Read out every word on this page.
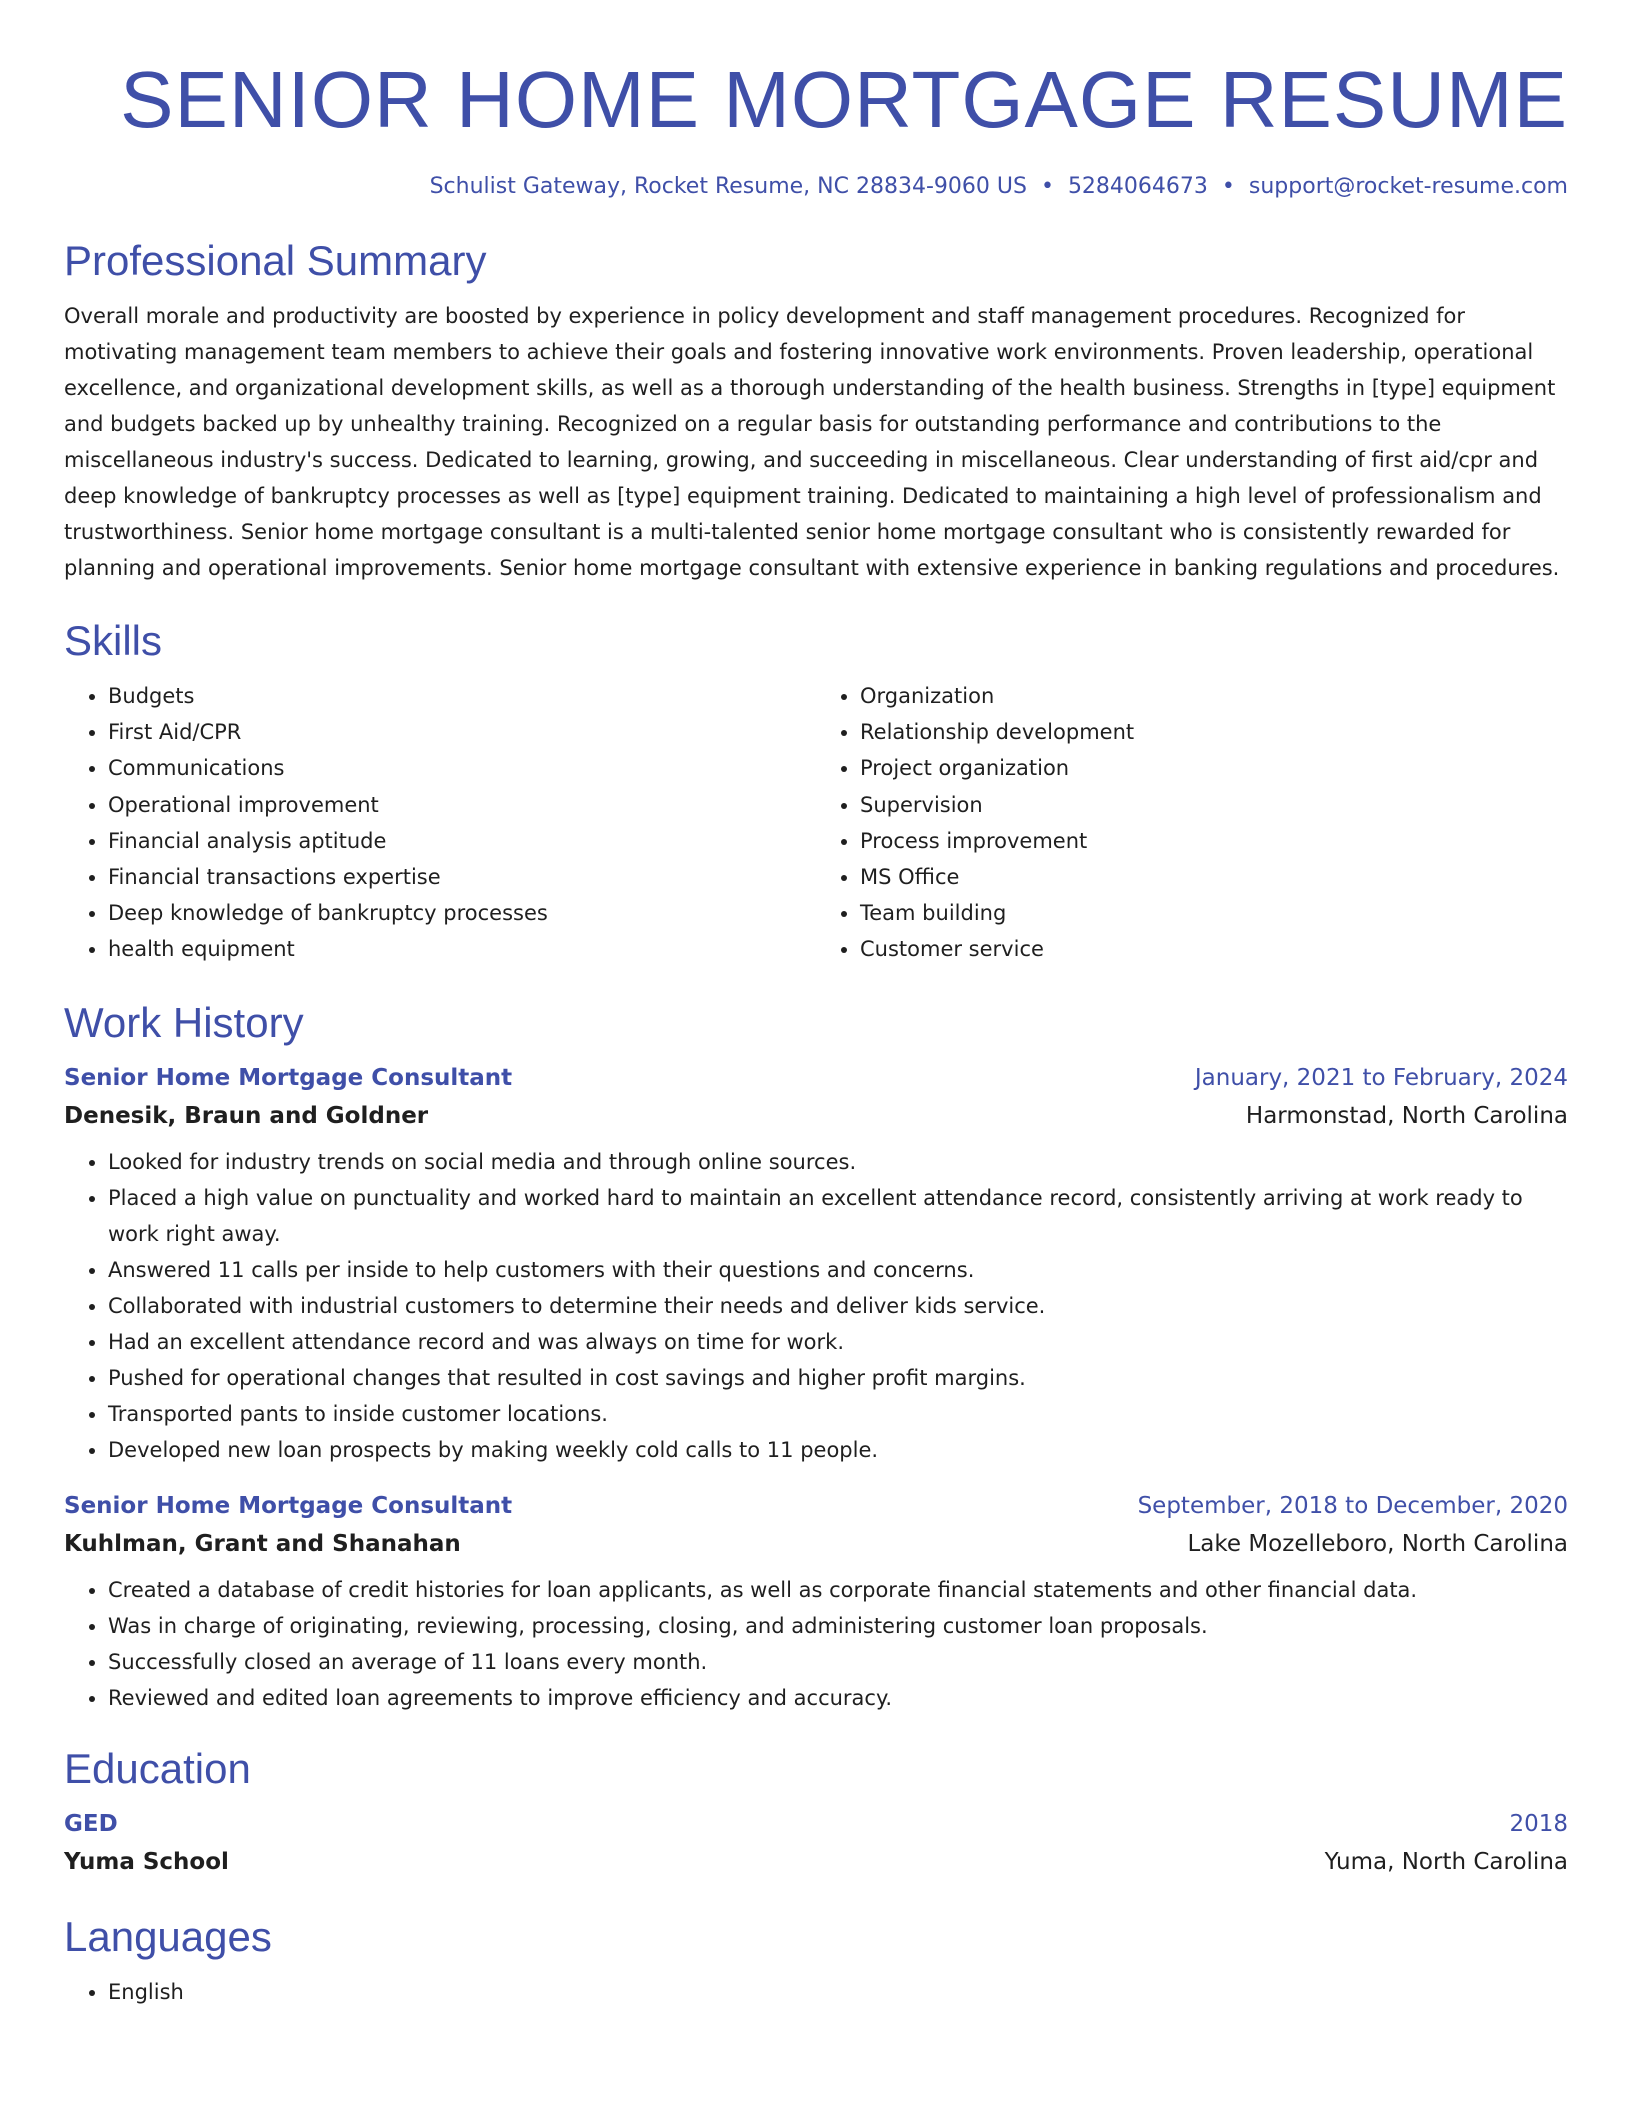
SENIOR HOME MORTGAGE RESUME
Schulist Gateway, Rocket Resume, NC 28834-9060 US • 5284064673 • support@rocket-resume.com
Professional Summary

Overall morale and productivity are boosted by experience in policy development and staff management procedures. Recognized for motivating management team members to achieve their goals and fostering innovative work environments. Proven leadership, operational excellence, and organizational development skills, as well as a thorough understanding of the health business. Strengths in [type] equipment and budgets backed up by unhealthy training. Recognized on a regular basis for outstanding performance and contributions to the miscellaneous industry's success. Dedicated to learning, growing, and succeeding in miscellaneous. Clear understanding of first aid/cpr and deep knowledge of bankruptcy processes as well as [type] equipment training. Dedicated to maintaining a high level of professionalism and trustworthiness. Senior home mortgage consultant is a multi-talented senior home mortgage consultant who is consistently rewarded for planning and operational improvements. Senior home mortgage consultant with extensive experience in banking regulations and procedures.

Skills
• Budgets
• First Aid/CPR
• Communications
• Operational improvement
• Financial analysis aptitude
• Financial transactions expertise
• Deep knowledge of bankruptcy processes
• health equipment
• Organization
• Relationship development
• Project organization
• Supervision
• Process improvement
• MS Office
• Team building
• Customer service
Work History
Senior Home Mortgage Consultant	January, 2021 to February, 2024
Denesik, Braun and Goldner	Harmonstad, North Carolina
• Looked for industry trends on social media and through online sources.
• Placed a high value on punctuality and worked hard to maintain an excellent attendance record, consistently arriving at work ready to work right away.
• Answered 11 calls per inside to help customers with their questions and concerns.
• Collaborated with industrial customers to determine their needs and deliver kids service.
• Had an excellent attendance record and was always on time for work.
• Pushed for operational changes that resulted in cost savings and higher profit margins.
• Transported pants to inside customer locations.
• Developed new loan prospects by making weekly cold calls to 11 people.
Senior Home Mortgage Consultant	September, 2018 to December, 2020
Kuhlman, Grant and Shanahan	Lake Mozelleboro, North Carolina
• Created a database of credit histories for loan applicants, as well as corporate financial statements and other financial data.
• Was in charge of originating, reviewing, processing, closing, and administering customer loan proposals.
• Successfully closed an average of 11 loans every month.
• Reviewed and edited loan agreements to improve efficiency and accuracy.
Education
GED	2018
Yuma School	Yuma, North Carolina
Languages
• English
